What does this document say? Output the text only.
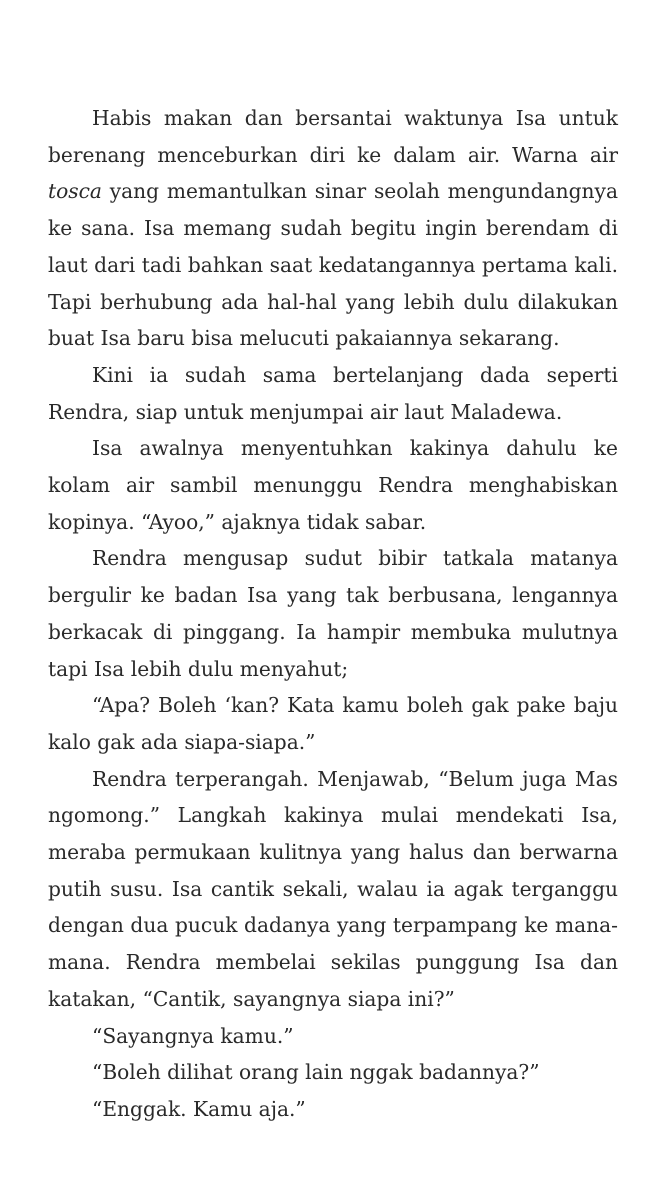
Habis makan dan bersantai waktunya Isa untuk
berenang menceburkan diri ke dalam air. Warna air
tosca yang memantulkan sinar seolah mengundangnya
ke sana. Isa memang sudah begitu ingin berendam di
laut dari tadi bahkan saat kedatangannya pertama kali.
Tapi berhubung ada hal-hal yang lebih dulu dilakukan
buat Isa baru bisa melucuti pakaiannya sekarang.
Kini ia sudah sama bertelanjang dada seperti
Rendra, siap untuk menjumpai air laut Maladewa.
Isa awalnya menyentuhkan kakinya dahulu ke
kolam air sambil menunggu Rendra menghabiskan
kopinya. “Ayoo,” ajaknya tidak sabar.
Rendra mengusap sudut bibir tatkala matanya
bergulir ke badan Isa yang tak berbusana, lengannya
berkacak di pinggang. Ia hampir membuka mulutnya
tapi Isa lebih dulu menyahut;
“Apa? Boleh ‘kan? Kata kamu boleh gak pake baju
kalo gak ada siapa-siapa.”
Rendra terperangah. Menjawab, “Belum juga Mas
ngomong.” Langkah kakinya mulai mendekati Isa,
meraba permukaan kulitnya yang halus dan berwarna
putih susu. Isa cantik sekali, walau ia agak terganggu
dengan dua pucuk dadanya yang terpampang ke mana-
mana. Rendra membelai sekilas punggung Isa dan
katakan, “Cantik, sayangnya siapa ini?”
“Sayangnya kamu.”
“Boleh dilihat orang lain nggak badannya?”
“Enggak. Kamu aja.”
